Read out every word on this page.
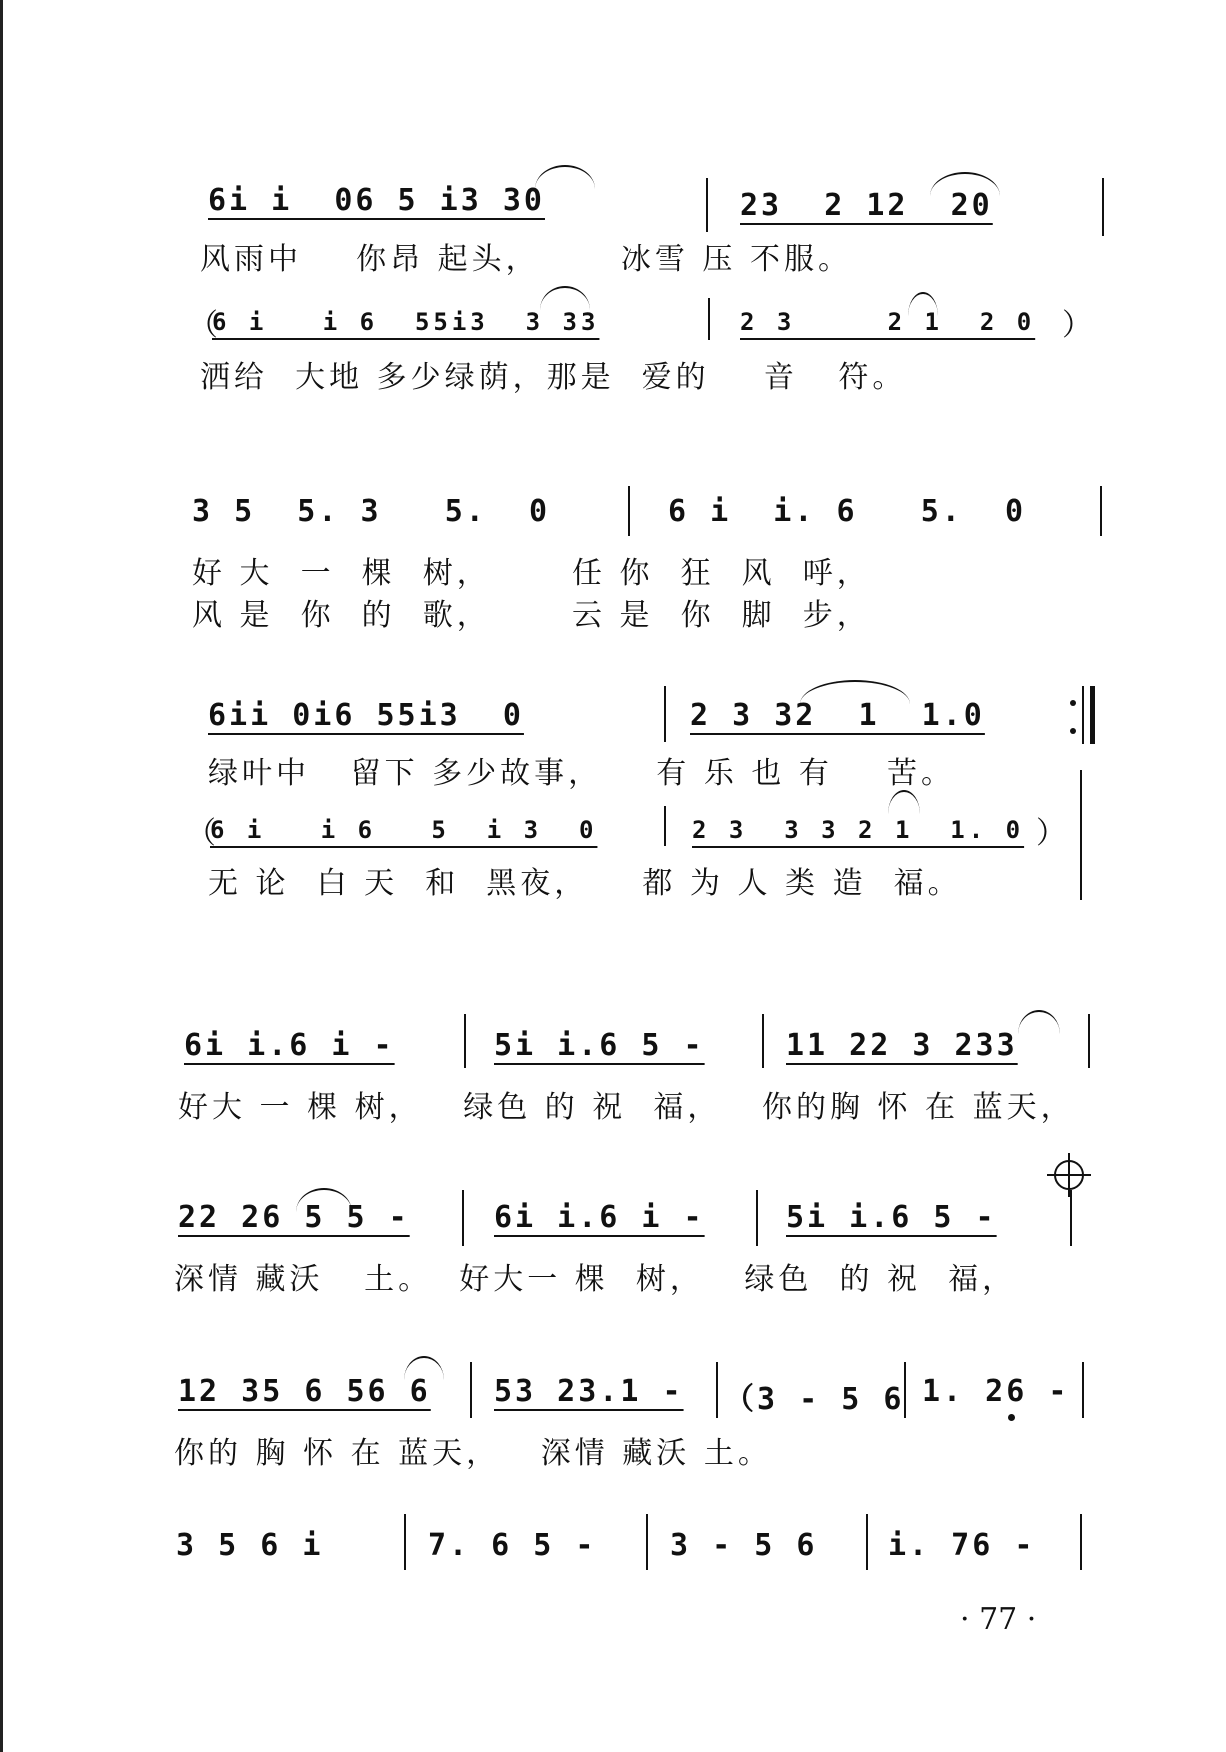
6i i  06 5 i3 30	23  2 12  20
风雨中    你昂 起头，      冰雪 压 不服。
（
6 i   i 6  55i3  3 33	2 3     2 1  2 0 ）
洒给  大地 多少绿荫，那是  爱的    音   符。
3 5  5. 3   5.  0	6 i  i. 6   5.  0
好 大  一  棵  树，      任 你  狂  风  呼，
风 是  你  的  歌，      云 是  你  脚  步，
6ii 0i6 55i3  0	2 3 32  1  1.0
绿叶中   留下 多少故事，    有 乐 也 有    苦。
（
6 i   i 6   5  i 3  0	2 3  3 3 2 1  1. 0 ）
无 论  白 天  和  黑夜，    都 为 人 类 造  福。
6i i.6 i -	5i i.6 5 -	11 22 3 233
好大 一 棵 树，   绿色 的 祝  福，   你的胸 怀 在 蓝天，
22 26 5 5 -	6i i.6 i -	5i i.6 5 -
深情 藏沃   土。  好大一 棵  树，   绿色  的 祝  福，
12 35 6 56 6 53 23.1 - （3 - 5 6 1. 26 -
你的 胸 怀 在 蓝天，   深情 藏沃 土。
3 5 6 i	7. 6 5 - 3 - 5 6 i. 76 -
· 77 ·
